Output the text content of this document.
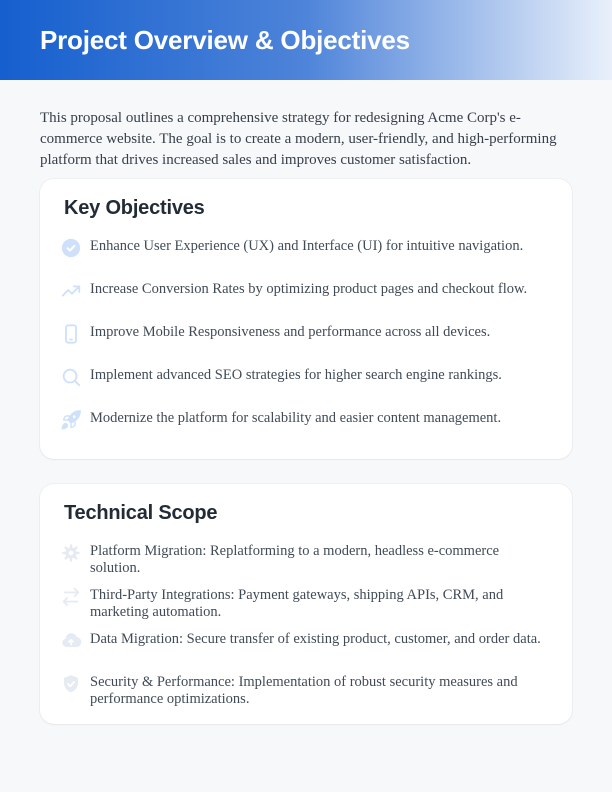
Project Overview & Objectives

This proposal outlines a comprehensive strategy for redesigning Acme Corp's e-commerce website. The goal is to create a modern, user-friendly, and high-performing platform that drives increased sales and improves customer satisfaction.

Key Objectives
Enhance User Experience (UX) and Interface (UI) for intuitive navigation.
Increase Conversion Rates by optimizing product pages and checkout flow.
Improve Mobile Responsiveness and performance across all devices.
Implement advanced SEO strategies for higher search engine rankings.
Modernize the platform for scalability and easier content management.
Technical Scope
Platform Migration: Replatforming to a modern, headless e-commerce solution.
Third-Party Integrations: Payment gateways, shipping APIs, CRM, and marketing automation.
Data Migration: Secure transfer of existing product, customer, and order data.
Security & Performance: Implementation of robust security measures and performance optimizations.
